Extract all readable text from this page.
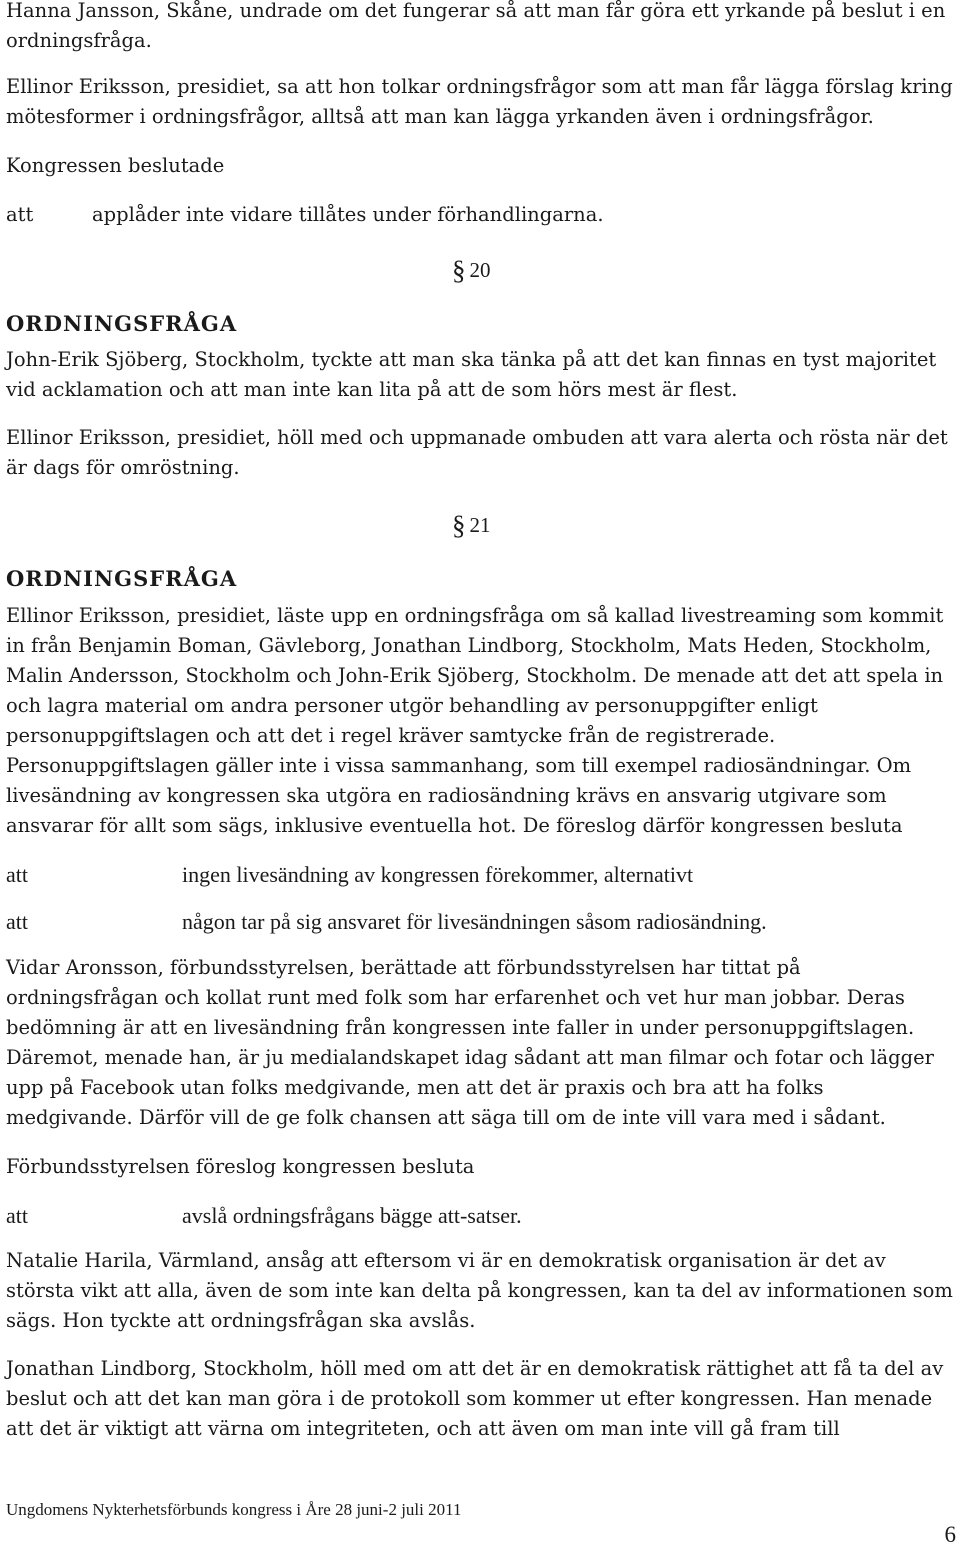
Hanna Jansson, Skåne, undrade om det fungerar så att man får göra ett yrkande på beslut i en ordningsfråga.

Ellinor Eriksson, presidiet, sa att hon tolkar ordningsfrågor som att man får lägga förslag kring mötesformer i ordningsfrågor, alltså att man kan lägga yrkanden även i ordningsfrågor.

Kongressen beslutade

att	applåder inte vidare tillåtes under förhandlingarna.
§ 20
ORDNINGSFRÅGA

John-Erik Sjöberg, Stockholm, tyckte att man ska tänka på att det kan finnas en tyst majoritet vid acklamation och att man inte kan lita på att de som hörs mest är flest.

Ellinor Eriksson, presidiet, höll med och uppmanade ombuden att vara alerta och rösta när det är dags för omröstning.

§ 21
ORDNINGSFRÅGA

Ellinor Eriksson, presidiet, läste upp en ordningsfråga om så kallad livestreaming som kommit in från Benjamin Boman, Gävleborg, Jonathan Lindborg, Stockholm, Mats Heden, Stockholm, Malin Andersson, Stockholm och John-Erik Sjöberg, Stockholm. De menade att det att spela in och lagra material om andra personer utgör behandling av personuppgifter enligt personuppgiftslagen och att det i regel kräver samtycke från de registrerade. Personuppgiftslagen gäller inte i vissa sammanhang, som till exempel radiosändningar. Om livesändning av kongressen ska utgöra en radiosändning krävs en ansvarig utgivare som ansvarar för allt som sägs, inklusive eventuella hot. De föreslog därför kongressen besluta

att	ingen livesändning av kongressen förekommer, alternativt
att	någon tar på sig ansvaret för livesändningen såsom radiosändning.

Vidar Aronsson, förbundsstyrelsen, berättade att förbundsstyrelsen har tittat på ordningsfrågan och kollat runt med folk som har erfarenhet och vet hur man jobbar. Deras bedömning är att en livesändning från kongressen inte faller in under personuppgiftslagen. Däremot, menade han, är ju medialandskapet idag sådant att man filmar och fotar och lägger upp på Facebook utan folks medgivande, men att det är praxis och bra att ha folks medgivande. Därför vill de ge folk chansen att säga till om de inte vill vara med i sådant.

Förbundsstyrelsen föreslog kongressen besluta

att	avslå ordningsfrågans bägge att-satser.

Natalie Harila, Värmland, ansåg att eftersom vi är en demokratisk organisation är det av största vikt att alla, även de som inte kan delta på kongressen, kan ta del av informationen som sägs. Hon tyckte att ordningsfrågan ska avslås.

Jonathan Lindborg, Stockholm, höll med om att det är en demokratisk rättighet att få ta del av beslut och att det kan man göra i de protokoll som kommer ut efter kongressen. Han menade att det är viktigt att värna om integriteten, och att även om man inte vill gå fram till

Ungdomens Nykterhetsförbunds kongress i Åre 28 juni-2 juli 2011
6
